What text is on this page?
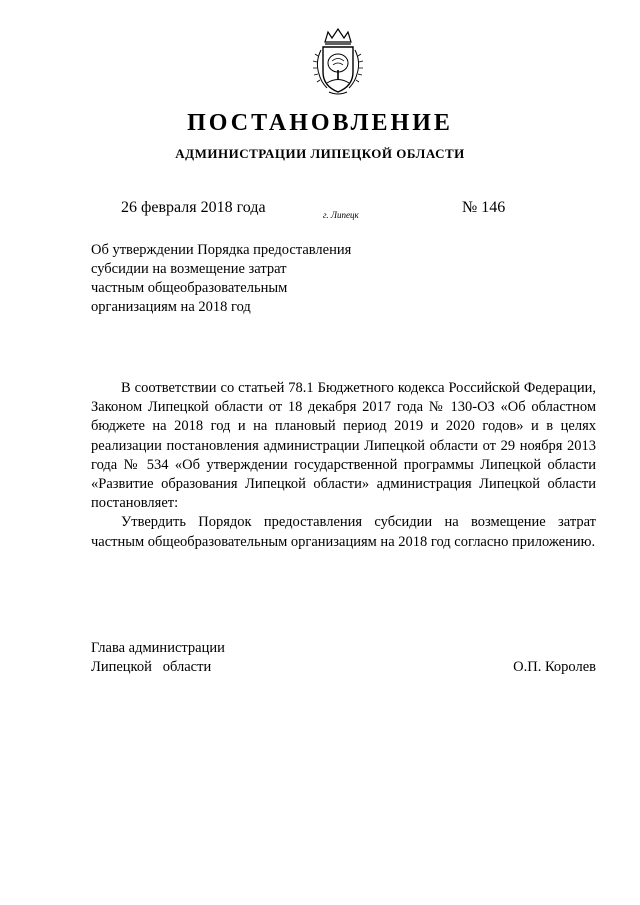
ПОСТАНОВЛЕНИЕ
АДМИНИСТРАЦИИ ЛИПЕЦКОЙ ОБЛАСТИ
26 февраля 2018 года	г. Липецк	№ 146
Об утверждении Порядка предоставления
субсидии на возмещение затрат
частным общеобразовательным
организациям на 2018 год

В соответствии со статьей 78.1 Бюджетного кодекса Российской Федерации, Законом Липецкой области от 18 декабря 2017 года № 130-ОЗ «Об областном бюджете на 2018 год и на плановый период 2019 и 2020 годов» и в целях реализации постановления администрации Липецкой области от 29 ноября 2013 года № 534 «Об утверждении государственной программы Липецкой области «Развитие образования Липецкой области» администрация Липецкой области постановляет:

Утвердить Порядок предоставления субсидии на возмещение затрат частным общеобразовательным организациям на 2018 год согласно приложению.

Глава администрации
Липецкой   области	О.П. Королев
